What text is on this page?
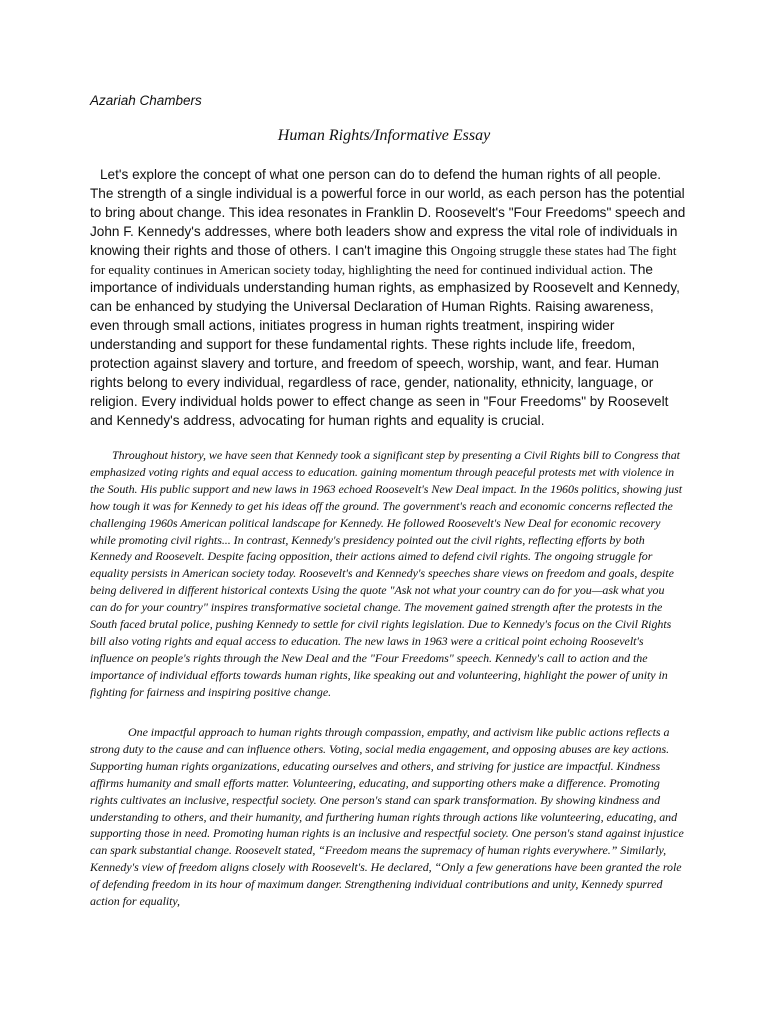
Azariah Chambers

Human Rights/Informative Essay

Let's explore the concept of what one person can do to defend the human rights of all people. The strength of a single individual is a powerful force in our world, as each person has the potential to bring about change. This idea resonates in Franklin D. Roosevelt's "Four Freedoms" speech and John F. Kennedy's addresses, where both leaders show and express the vital role of individuals in knowing their rights and those of others. I can't imagine this Ongoing struggle these states had The fight for equality continues in American society today, highlighting the need for continued individual action. The importance of individuals understanding human rights, as emphasized by Roosevelt and Kennedy, can be enhanced by studying the Universal Declaration of Human Rights. Raising awareness, even through small actions, initiates progress in human rights treatment, inspiring wider understanding and support for these fundamental rights. These rights include life, freedom, protection against slavery and torture, and freedom of speech, worship, want, and fear. Human rights belong to every individual, regardless of race, gender, nationality, ethnicity, language, or religion. Every individual holds power to effect change as seen in "Four Freedoms" by Roosevelt and Kennedy's address, advocating for human rights and equality is crucial.

Throughout history, we have seen that Kennedy took a significant step by presenting a Civil Rights bill to Congress that emphasized voting rights and equal access to education. gaining momentum through peaceful protests met with violence in the South. His public support and new laws in 1963 echoed Roosevelt's New Deal impact. In the 1960s politics, showing just how tough it was for Kennedy to get his ideas off the ground. The government's reach and economic concerns reflected the challenging 1960s American political landscape for Kennedy. He followed Roosevelt's New Deal for economic recovery while promoting civil rights... In contrast, Kennedy's presidency pointed out the civil rights, reflecting efforts by both Kennedy and Roosevelt. Despite facing opposition, their actions aimed to defend civil rights. The ongoing struggle for equality persists in American society today. Roosevelt's and Kennedy's speeches share views on freedom and goals, despite being delivered in different historical contexts Using the quote "Ask not what your country can do for you—ask what you can do for your country" inspires transformative societal change. The movement gained strength after the protests in the South faced brutal police, pushing Kennedy to settle for civil rights legislation. Due to Kennedy's focus on the Civil Rights bill also voting rights and equal access to education. The new laws in 1963 were a critical point echoing Roosevelt's influence on people's rights through the New Deal and the "Four Freedoms" speech. Kennedy's call to action and the importance of individual efforts towards human rights, like speaking out and volunteering, highlight the power of unity in fighting for fairness and inspiring positive change.

One impactful approach to human rights through compassion, empathy, and activism like public actions reflects a strong duty to the cause and can influence others. Voting, social media engagement, and opposing abuses are key actions. Supporting human rights organizations, educating ourselves and others, and striving for justice are impactful. Kindness affirms humanity and small efforts matter. Volunteering, educating, and supporting others make a difference. Promoting rights cultivates an inclusive, respectful society. One person's stand can spark transformation. By showing kindness and understanding to others, and their humanity, and furthering human rights through actions like volunteering, educating, and supporting those in need. Promoting human rights is an inclusive and respectful society. One person's stand against injustice can spark substantial change. Roosevelt stated, “Freedom means the supremacy of human rights everywhere.” Similarly, Kennedy's view of freedom aligns closely with Roosevelt's. He declared, “Only a few generations have been granted the role of defending freedom in its hour of maximum danger. Strengthening individual contributions and unity, Kennedy spurred action for equality,
